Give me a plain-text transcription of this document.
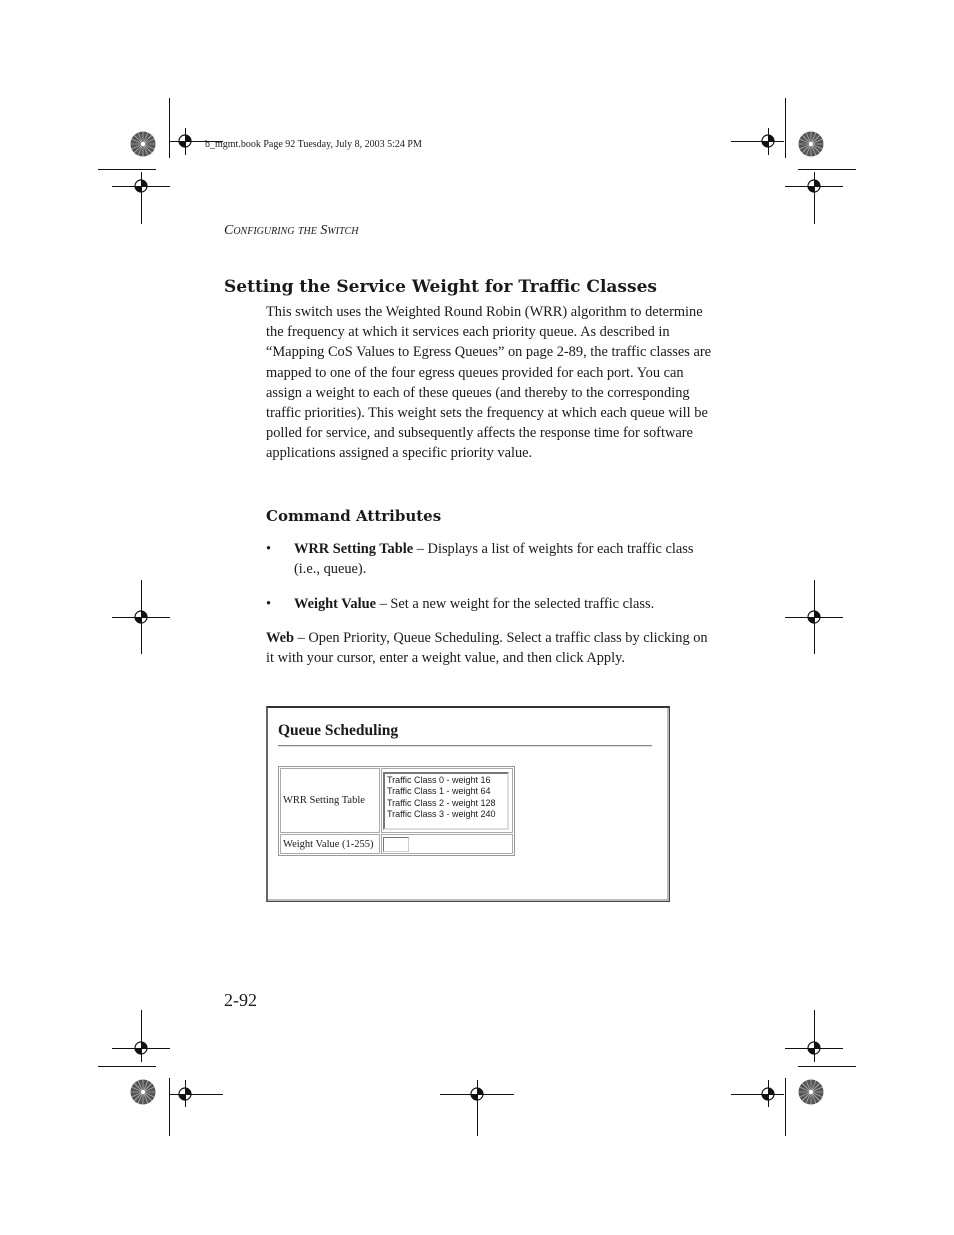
b_mgmt.book Page 92 Tuesday, July 8, 2003 5:24 PM
Configuring the Switch
Setting the Service Weight for Traffic Classes

This switch uses the Weighted Round Robin (WRR) algorithm to determine the frequency at which it services each priority queue. As described in “Mapping CoS Values to Egress Queues” on page 2-89, the traffic classes are mapped to one of the four egress queues provided for each port. You can assign a weight to each of these queues (and thereby to the corresponding traffic priorities). This weight sets the frequency at which each queue will be polled for service, and subsequently affects the response time for software applications assigned a specific priority value.

Command Attributes
• WRR Setting Table – Displays a list of weights for each traffic class (i.e., queue).
• Weight Value – Set a new weight for the selected traffic class.

Web – Open Priority, Queue Scheduling. Select a traffic class by clicking on it with your cursor, enter a weight value, and then click Apply.

Queue Scheduling
WRR Setting Table	Traffic Class 0 - weight 16
Traffic Class 1 - weight 64
Traffic Class 2 - weight 128
Traffic Class 3 - weight 240

Weight Value (1-255)	
2-92
